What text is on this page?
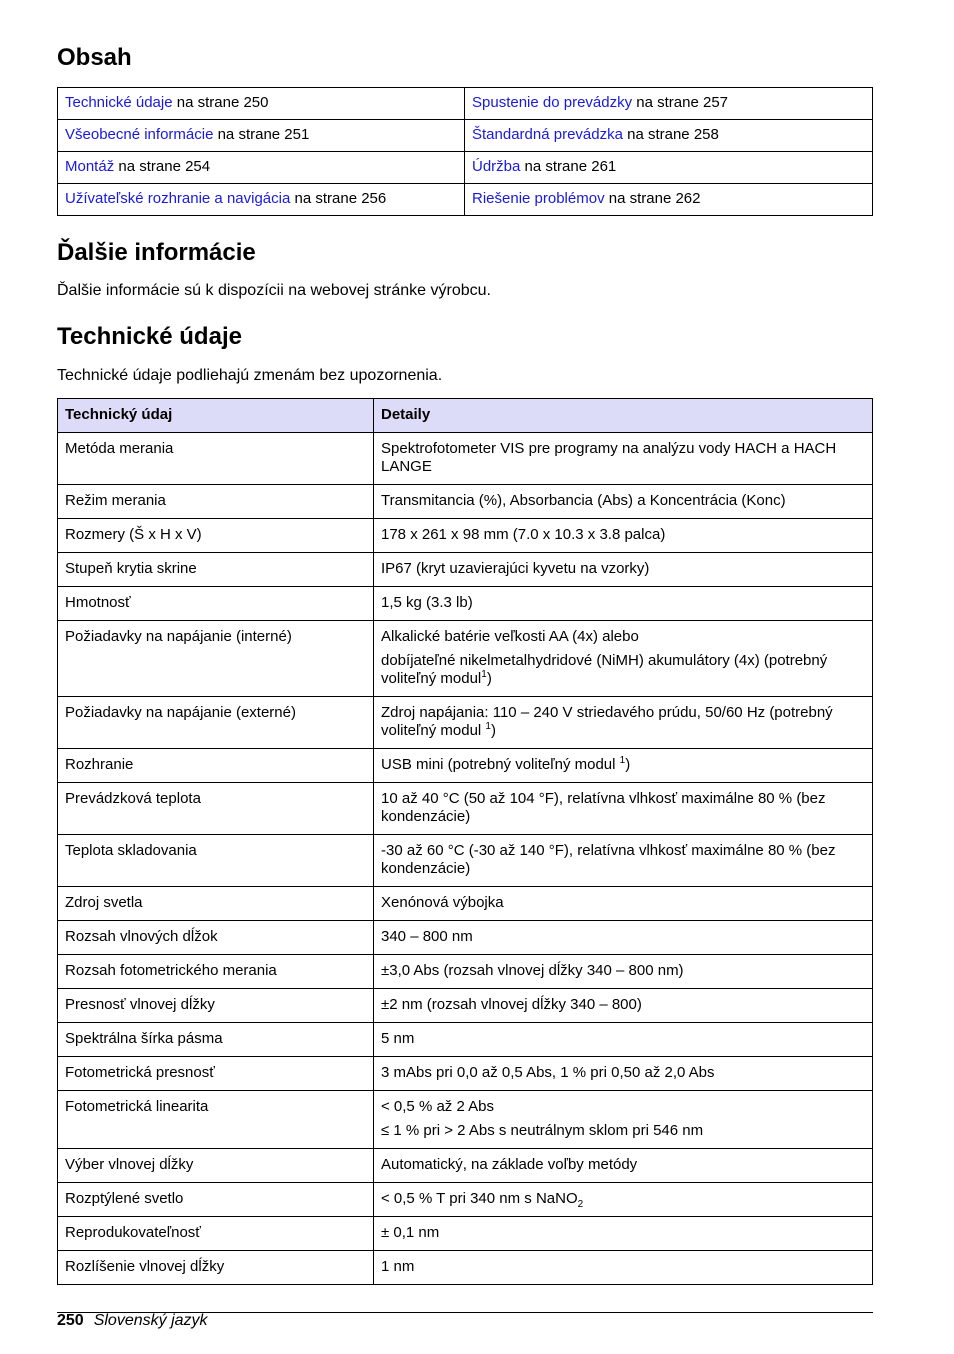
Obsah
Technické údaje na strane 250	Spustenie do prevádzky na strane 257
Všeobecné informácie na strane 251	Štandardná prevádzka na strane 258
Montáž na strane 254	Údržba na strane 261
Užívateľské rozhranie a navigácia na strane 256	Riešenie problémov na strane 262
Ďalšie informácie

Ďalšie informácie sú k dispozícii na webovej stránke výrobcu.

Technické údaje

Technické údaje podliehajú zmenám bez upozornenia.

Technický údaj	Detaily
Metóda merania	Spektrofotometer VIS pre programy na analýzu vody HACH a HACH LANGE

Režim merania	Transmitancia (%), Absorbancia (Abs) a Koncentrácia (Konc)

Rozmery (Š x H x V)	178 x 261 x 98 mm (7.0 x 10.3 x 3.8 palca)

Stupeň krytia skrine	IP67 (kryt uzavierajúci kyvetu na vzorky)

Hmotnosť	1,5 kg (3.3 lb)

Požiadavky na napájanie (interné)	Alkalické batérie veľkosti AA (4x) alebo

dobíjateľné nikelmetalhydridové (NiMH) akumulátory (4x) (potrebný voliteľný modul$^1$)

Požiadavky na napájanie (externé)	Zdroj napájania: 110 – 240 V striedavého prúdu, 50/60 Hz (potrebný voliteľný modul $^1$)

Rozhranie	USB mini (potrebný voliteľný modul $^1$)

Prevádzková teplota	10 až 40 °C (50 až 104 °F), relatívna vlhkosť maximálne 80 % (bez kondenzácie)

Teplota skladovania	-30 až 60 °C (-30 až 140 °F), relatívna vlhkosť maximálne 80 % (bez kondenzácie)

Zdroj svetla	Xenónová výbojka

Rozsah vlnových dĺžok	340 – 800 nm

Rozsah fotometrického merania	±3,0 Abs (rozsah vlnovej dĺžky 340 – 800 nm)

Presnosť vlnovej dĺžky	±2 nm (rozsah vlnovej dĺžky 340 – 800)

Spektrálna šírka pásma	5 nm

Fotometrická presnosť	3 mAbs pri 0,0 až 0,5 Abs, 1 % pri 0,50 až 2,0 Abs

Fotometrická linearita	< 0,5 % až 2 Abs

≤ 1 % pri > 2 Abs s neutrálnym sklom pri 546 nm

Výber vlnovej dĺžky	Automatický, na základe voľby metódy

Rozptýlené svetlo	< 0,5 % T pri 340 nm s NaNO$_2$

Reprodukovateľnosť	± 0,1 nm

Rozlíšenie vlnovej dĺžky	1 nm

250 Slovenský jazyk
